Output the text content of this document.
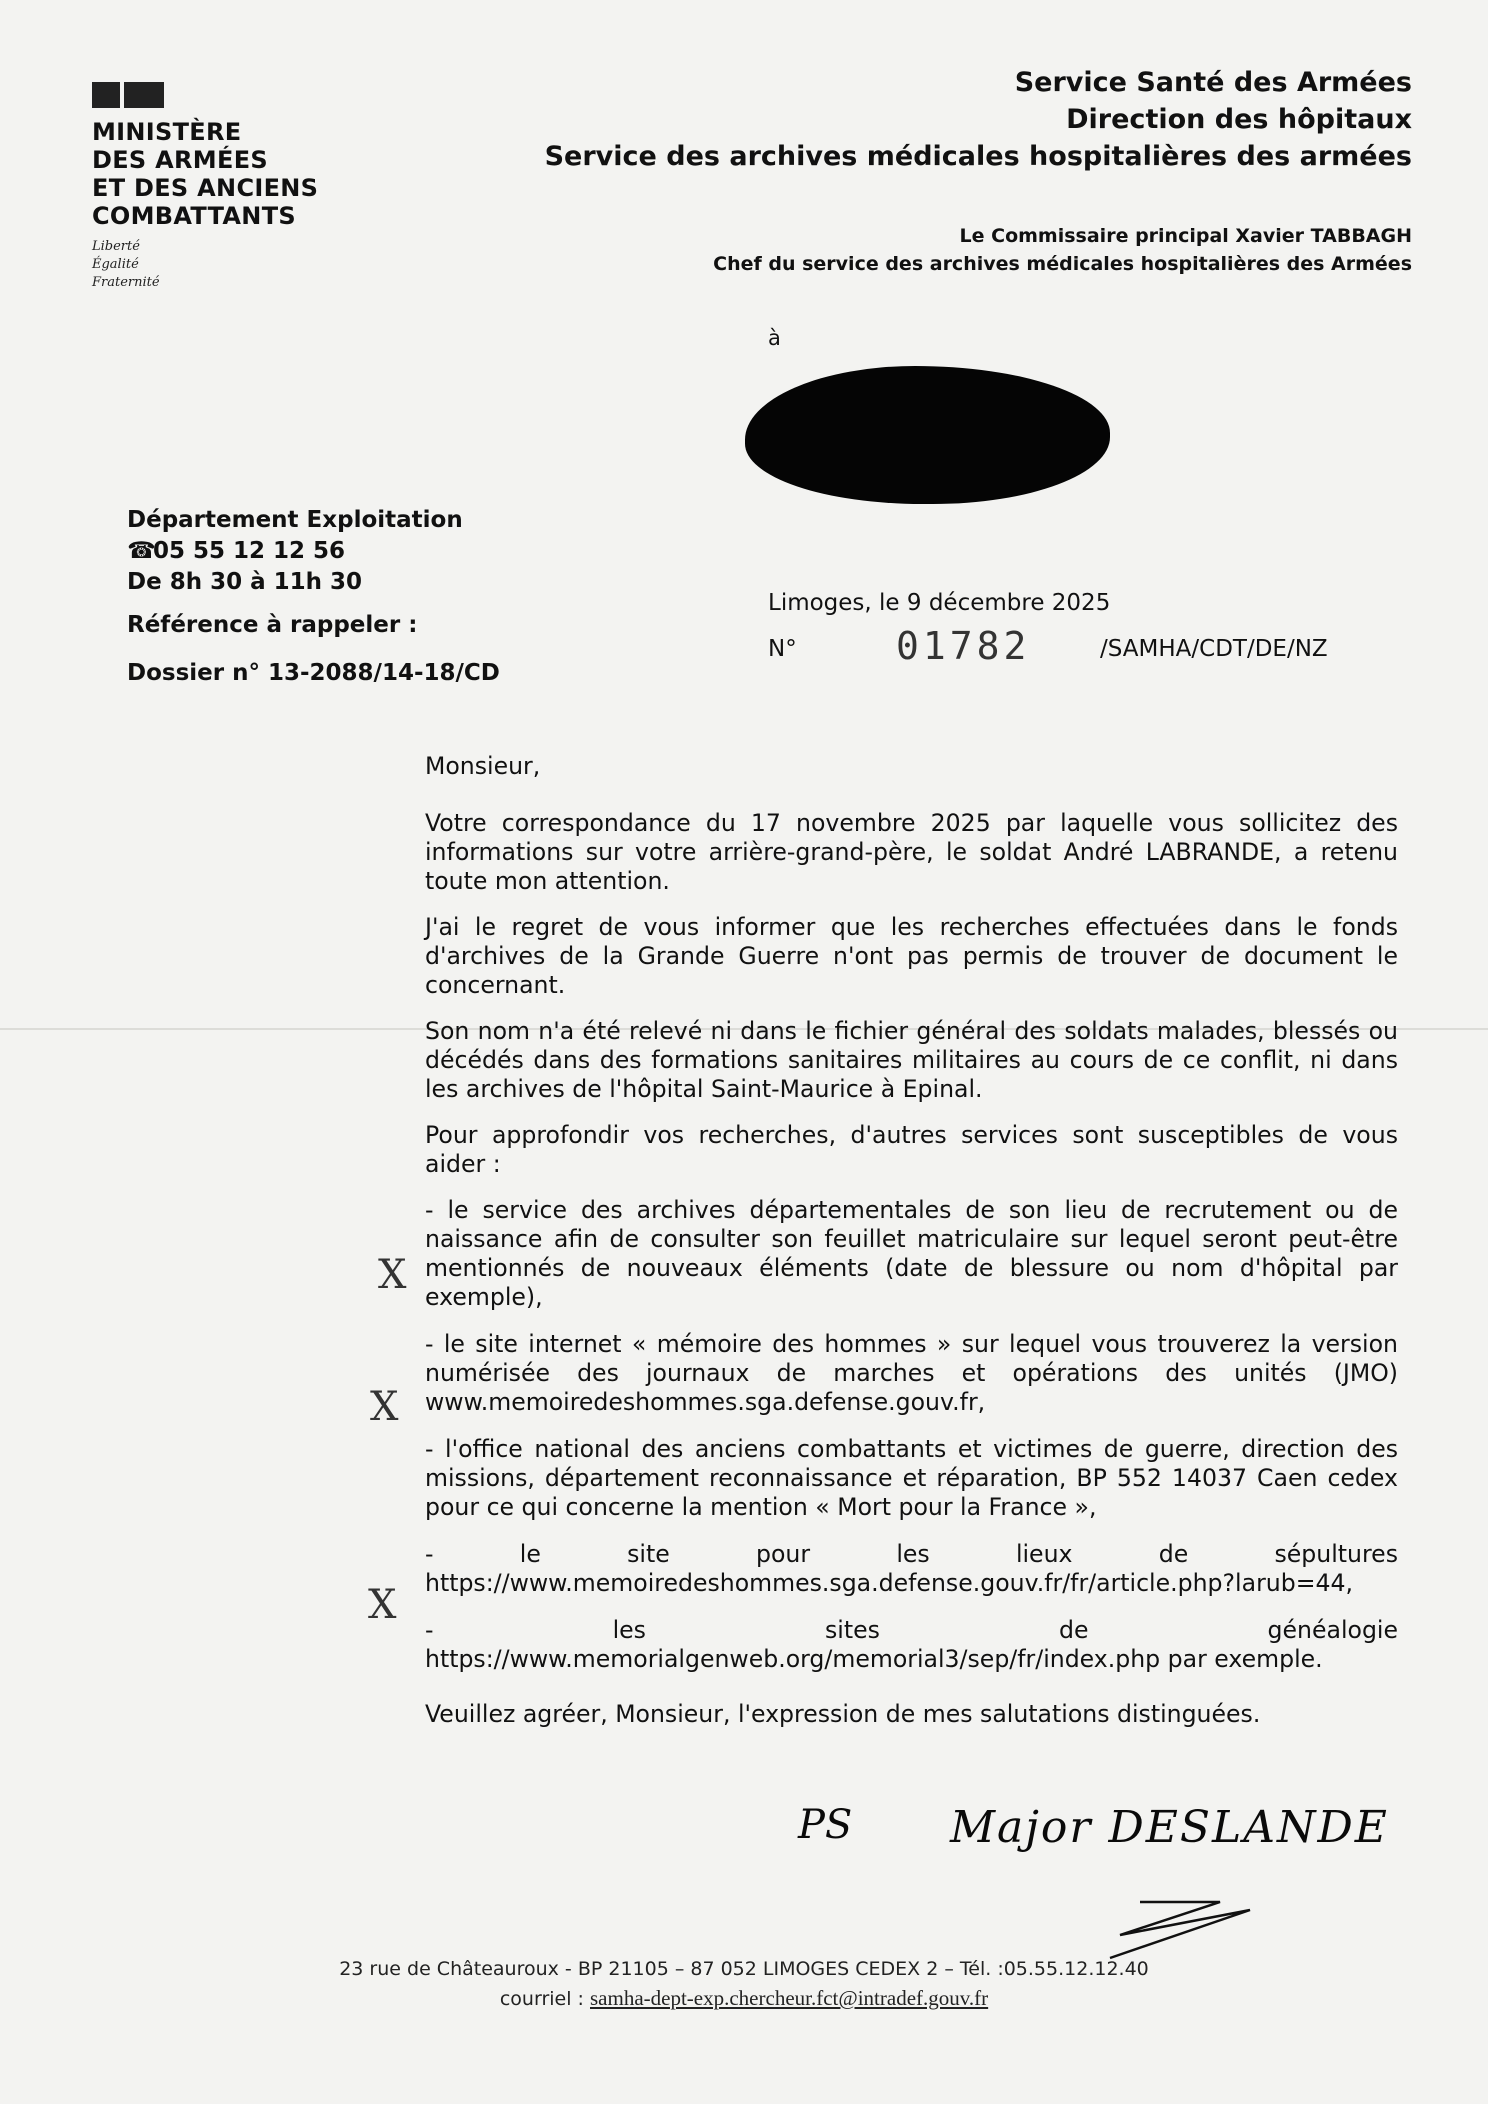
MINISTÈRE
DES ARMÉES
ET DES ANCIENS
COMBATTANTS
Liberté
Égalité
Fraternité
Service Santé des Armées
Direction des hôpitaux
Service des archives médicales hospitalières des armées
Le Commissaire principal Xavier TABBAGH
Chef du service des archives médicales hospitalières des Armées
à
Département Exploitation
☎05 55 12 12 56
De 8h 30 à 11h 30
Référence à rappeler :
Dossier n° 13-2088/14-18/CD
Limoges, le 9 décembre 2025
N°	01782	/SAMHA/CDT/DE/NZ

Monsieur,

Votre correspondance du 17 novembre 2025 par laquelle vous sollicitez des informations sur votre arrière-grand-père, le soldat André LABRANDE, a retenu toute mon attention.

J'ai le regret de vous informer que les recherches effectuées dans le fonds d'archives de la Grande Guerre n'ont pas permis de trouver de document le concernant.

Son nom n'a été relevé ni dans le fichier général des soldats malades, blessés ou décédés dans des formations sanitaires militaires au cours de ce conflit, ni dans les archives de l'hôpital Saint-Maurice à Epinal.

Pour approfondir vos recherches, d'autres services sont susceptibles de vous aider :

- le service des archives départementales de son lieu de recrutement ou de naissance afin de consulter son feuillet matriculaire sur lequel seront peut-être mentionnés de nouveaux éléments (date de blessure ou nom d'hôpital par exemple),

- le site internet « mémoire des hommes » sur lequel vous trouverez la version numérisée des journaux de marches et opérations des unités (JMO) www.memoiredeshommes.sga.defense.gouv.fr,

- l'office national des anciens combattants et victimes de guerre, direction des missions, département reconnaissance et réparation, BP 552 14037 Caen cedex pour ce qui concerne la mention « Mort pour la France »,

- le site pour les lieux de sépultures https://www.memoiredeshommes.sga.defense.gouv.fr/fr/article.php?larub=44,

- les sites de généalogie https://www.memorialgenweb.org/memorial3/sep/fr/index.php par exemple.

Veuillez agréer, Monsieur, l'expression de mes salutations distinguées.

X
X
X
PS Major DESLANDE
23 rue de Châteauroux - BP 21105 – 87 052 LIMOGES CEDEX 2 – Tél. :05.55.12.12.40
courriel : samha-dept-exp.chercheur.fct@intradef.gouv.fr
